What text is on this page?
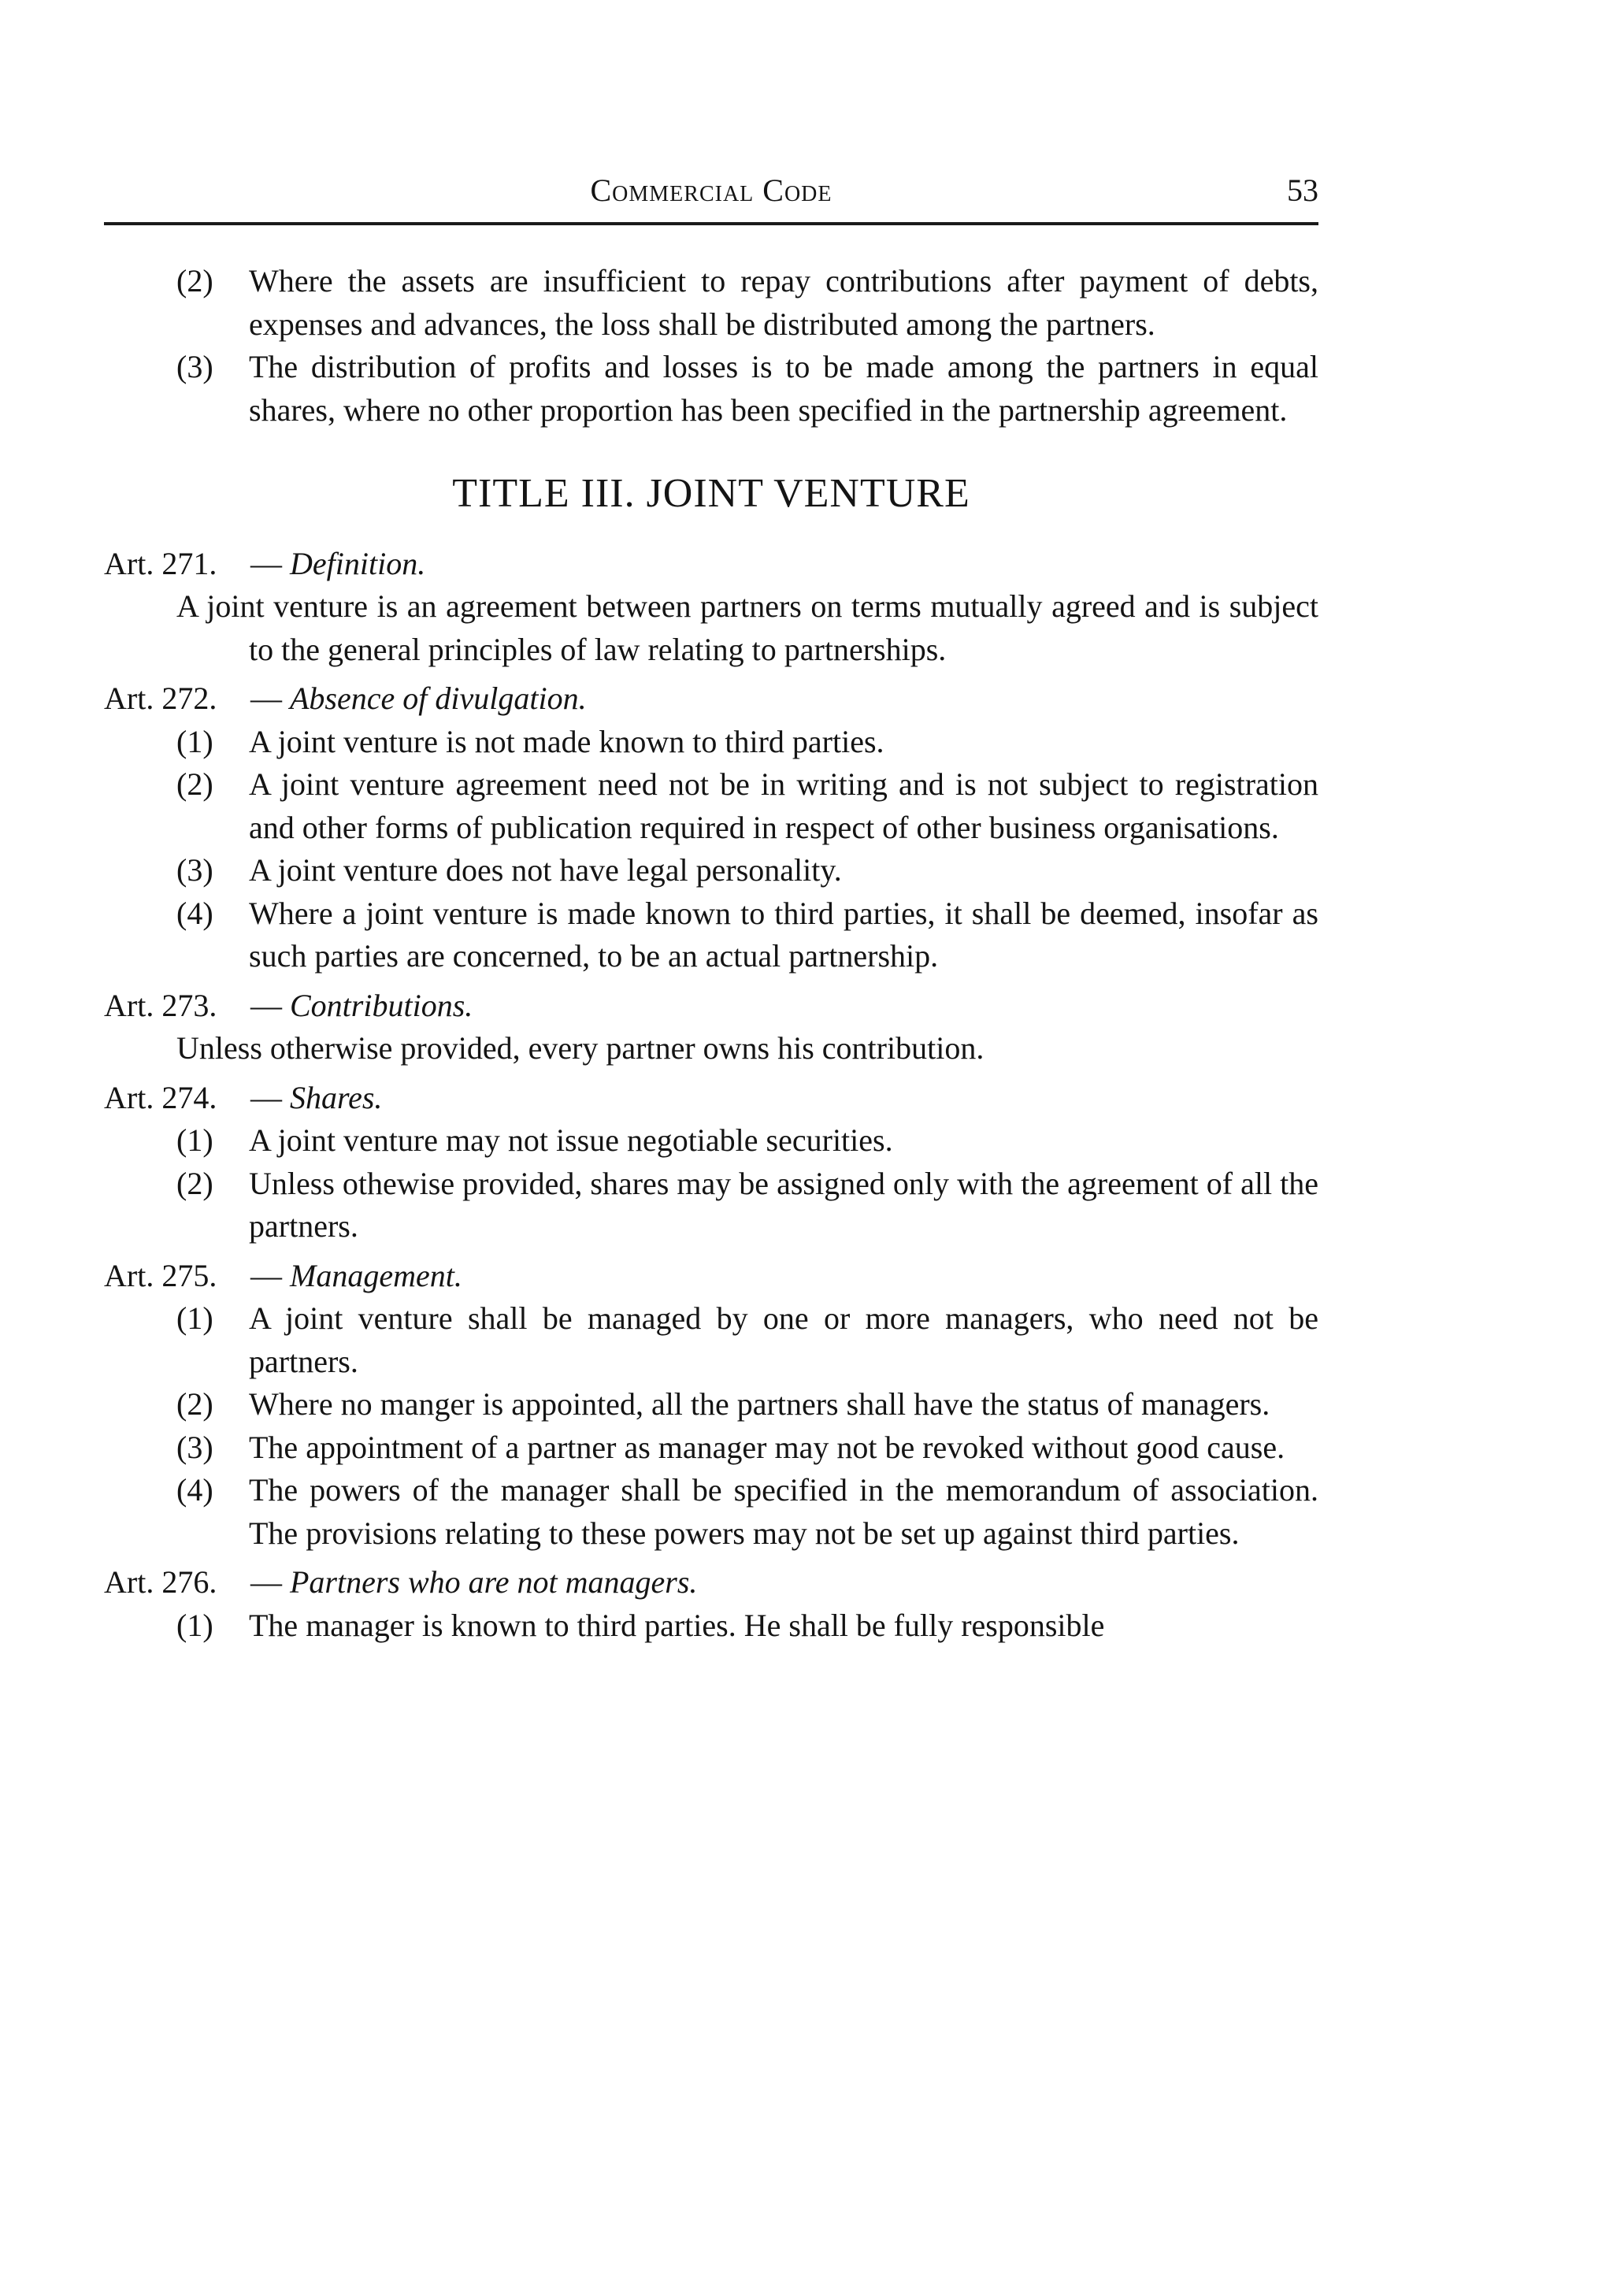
Commercial Code	53

(2) Where the assets are insufficient to repay contributions after payment of debts, expenses and advances, the loss shall be distributed among the partners.

(3) The distribution of profits and losses is to be made among the partners in equal shares, where no other proportion has been specified in the partnership agreement.

TITLE III. JOINT VENTURE
Art. 271. — Definition.

A joint venture is an agreement between partners on terms mutually agreed and is subject to the general principles of law relating to partnerships.

Art. 272. — Absence of divulgation.

(1) A joint venture is not made known to third parties.

(2) A joint venture agreement need not be in writing and is not subject to registration and other forms of publication required in respect of other business organisations.

(3) A joint venture does not have legal personality.

(4) Where a joint venture is made known to third parties, it shall be deemed, insofar as such parties are concerned, to be an actual partnership.

Art. 273. — Contributions.

Unless otherwise provided, every partner owns his contribution.

Art. 274. — Shares.

(1) A joint venture may not issue negotiable securities.

(2) Unless othewise provided, shares may be assigned only with the agreement of all the partners.

Art. 275. — Management.

(1) A joint venture shall be managed by one or more managers, who need not be partners.

(2) Where no manger is appointed, all the partners shall have the status of managers.

(3) The appointment of a partner as manager may not be revoked without good cause.

(4) The powers of the manager shall be specified in the memorandum of association. The provisions relating to these powers may not be set up against third parties.

Art. 276. — Partners who are not managers.

(1) The manager is known to third parties. He shall be fully responsible
